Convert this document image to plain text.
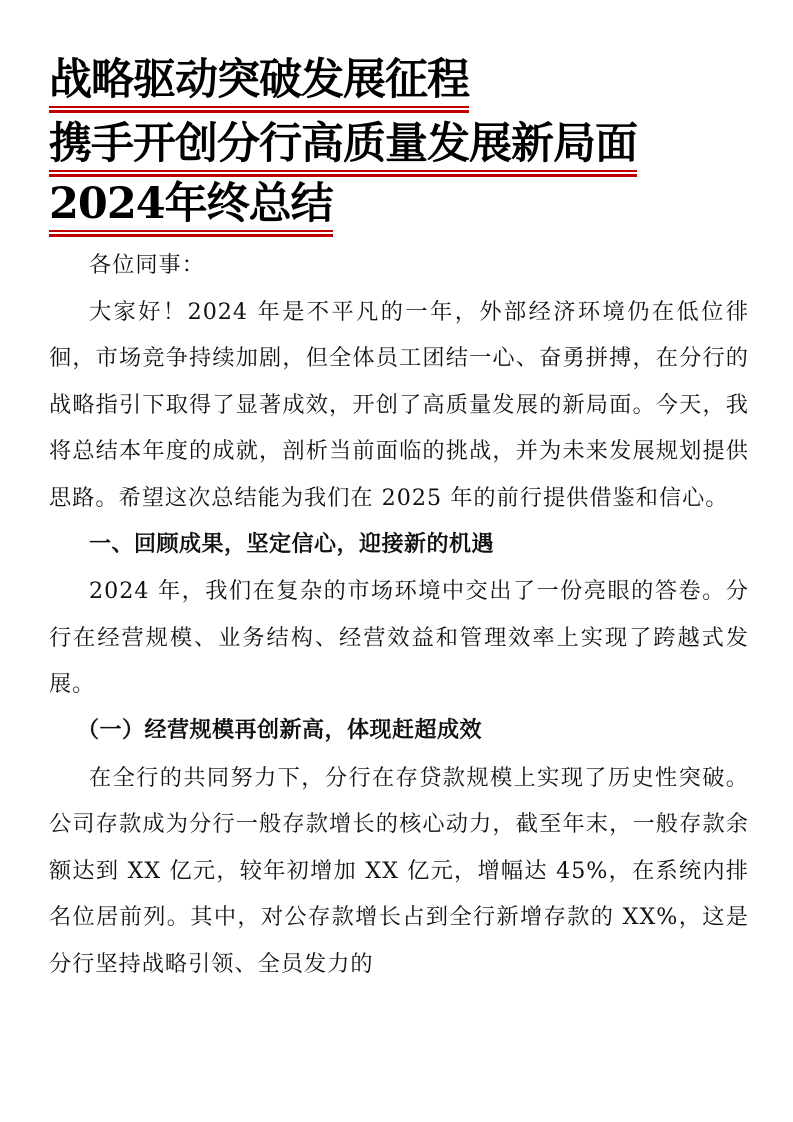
战略驱动突破发展征程
携手开创分行高质量发展新局面
2024年终总结

各位同事：

大家好！2024 年是不平凡的一年，外部经济环境仍在低位徘徊，市场竞争持续加剧，但全体员工团结一心、奋勇拼搏，在分行的战略指引下取得了显著成效，开创了高质量发展的新局面。今天，我将总结本年度的成就，剖析当前面临的挑战，并为未来发展规划提供思路。希望这次总结能为我们在 2025 年的前行提供借鉴和信心。

一、回顾成果，坚定信心，迎接新的机遇

2024 年，我们在复杂的市场环境中交出了一份亮眼的答卷。分行在经营规模、业务结构、经营效益和管理效率上实现了跨越式发展。

（一）经营规模再创新高，体现赶超成效

在全行的共同努力下，分行在存贷款规模上实现了历史性突破。公司存款成为分行一般存款增长的核心动力，截至年末，一般存款余额达到 XX 亿元，较年初增加 XX 亿元，增幅达 45%，在系统内排名位居前列。其中，对公存款增长占到全行新增存款的 XX%，这是分行坚持战略引领、全员发力的
